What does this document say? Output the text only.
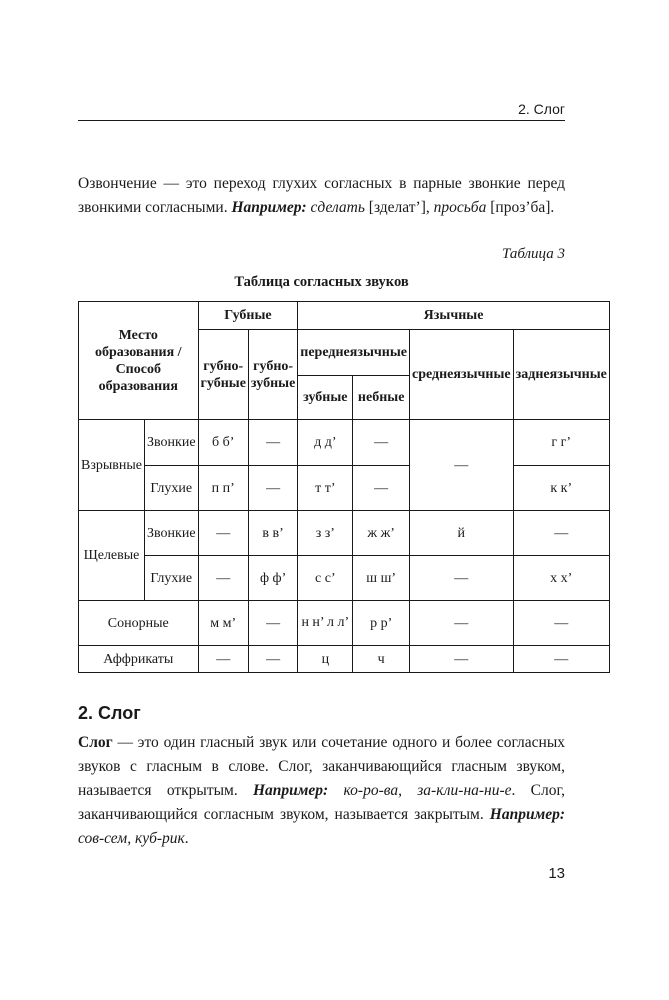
2. Слог

Озвончение — это переход глухих согласных в парные звонкие перед звонкими согласными. Например: сделать [зделат’], просьба [проз’ба].

Таблица 3
Таблица согласных звуков
Место образования / Способ образования		Губные		Язычные			
		губно-губные	губно-зубные	переднеязычные		среднеязычные	заднеязычные
				зубные	небные		
Взрывные	Звонкие	б б’	—	д д’	—	—	г г’
	Глухие	п п’	—	т т’	—		к к’
Щелевые	Звонкие	—	в в’	з з’	ж ж’	й	—
	Глухие	—	ф ф’	с с’	ш ш’	—	х х’
Сонорные		м м’	—	н н’ л л’	р р’	—	—
Аффрикаты		—	—	ц	ч	—	—
2. Слог

Слог — это один гласный звук или сочетание одного и более согласных звуков с гласным в слове. Слог, заканчивающийся гласным звуком, называется открытым. Например: ко-ро-ва, за-кли-на-ни-е. Слог, заканчивающийся согласным звуком, называется закрытым. Например: сов-сем, куб-рик.

13
